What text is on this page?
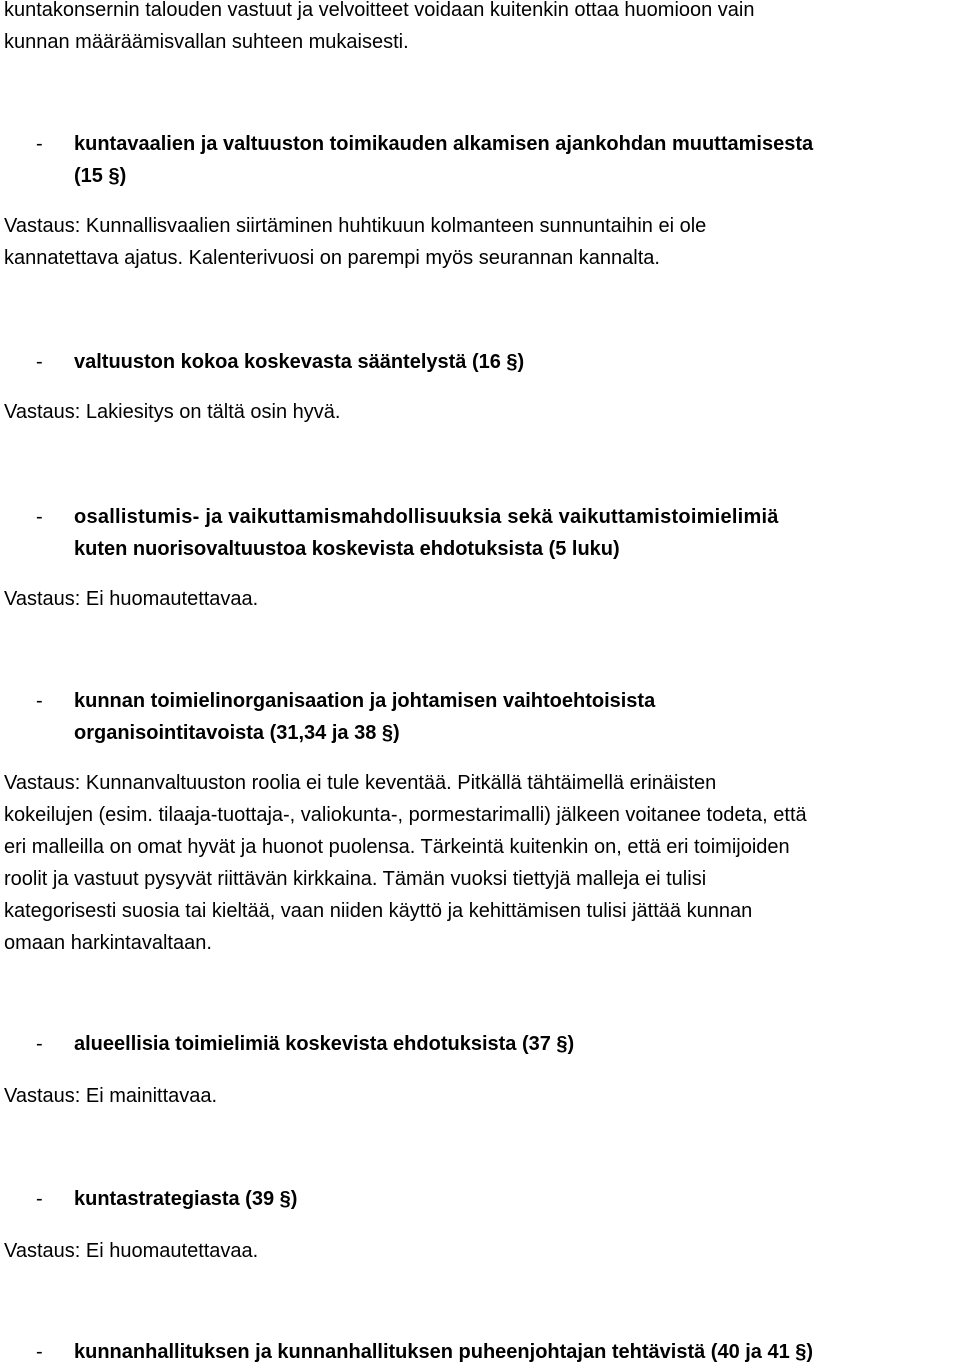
kuntakonsernin talouden vastuut ja velvoitteet voidaan kuitenkin ottaa huomioon vain
kunnan määräämisvallan suhteen mukaisesti.
- kuntavaalien ja valtuuston toimikauden alkamisen ajankohdan muuttamisesta
(15 §)
Vastaus: Kunnallisvaalien siirtäminen huhtikuun kolmanteen sunnuntaihin ei ole
kannatettava ajatus. Kalenterivuosi on parempi myös seurannan kannalta.
- valtuuston kokoa koskevasta sääntelystä (16 §)
Vastaus: Lakiesitys on tältä osin hyvä.
- osallistumis- ja vaikuttamismahdollisuuksia sekä vaikuttamistoimielimiä
kuten nuorisovaltuustoa koskevista ehdotuksista (5 luku)
Vastaus: Ei huomautettavaa.
- kunnan toimielinorganisaation ja johtamisen vaihtoehtoisista
organisointitavoista (31,34 ja 38 §)
Vastaus: Kunnanvaltuuston roolia ei tule keventää. Pitkällä tähtäimellä erinäisten
kokeilujen (esim. tilaaja-tuottaja-, valiokunta-, pormestarimalli) jälkeen voitanee todeta, että
eri malleilla on omat hyvät ja huonot puolensa. Tärkeintä kuitenkin on, että eri toimijoiden
roolit ja vastuut pysyvät riittävän kirkkaina. Tämän vuoksi tiettyjä malleja ei tulisi
kategorisesti suosia tai kieltää, vaan niiden käyttö ja kehittämisen tulisi jättää kunnan
omaan harkintavaltaan.
- alueellisia toimielimiä koskevista ehdotuksista (37 §)
Vastaus: Ei mainittavaa.
- kuntastrategiasta (39 §)
Vastaus: Ei huomautettavaa.
- kunnanhallituksen ja kunnanhallituksen puheenjohtajan tehtävistä (40 ja 41 §)
